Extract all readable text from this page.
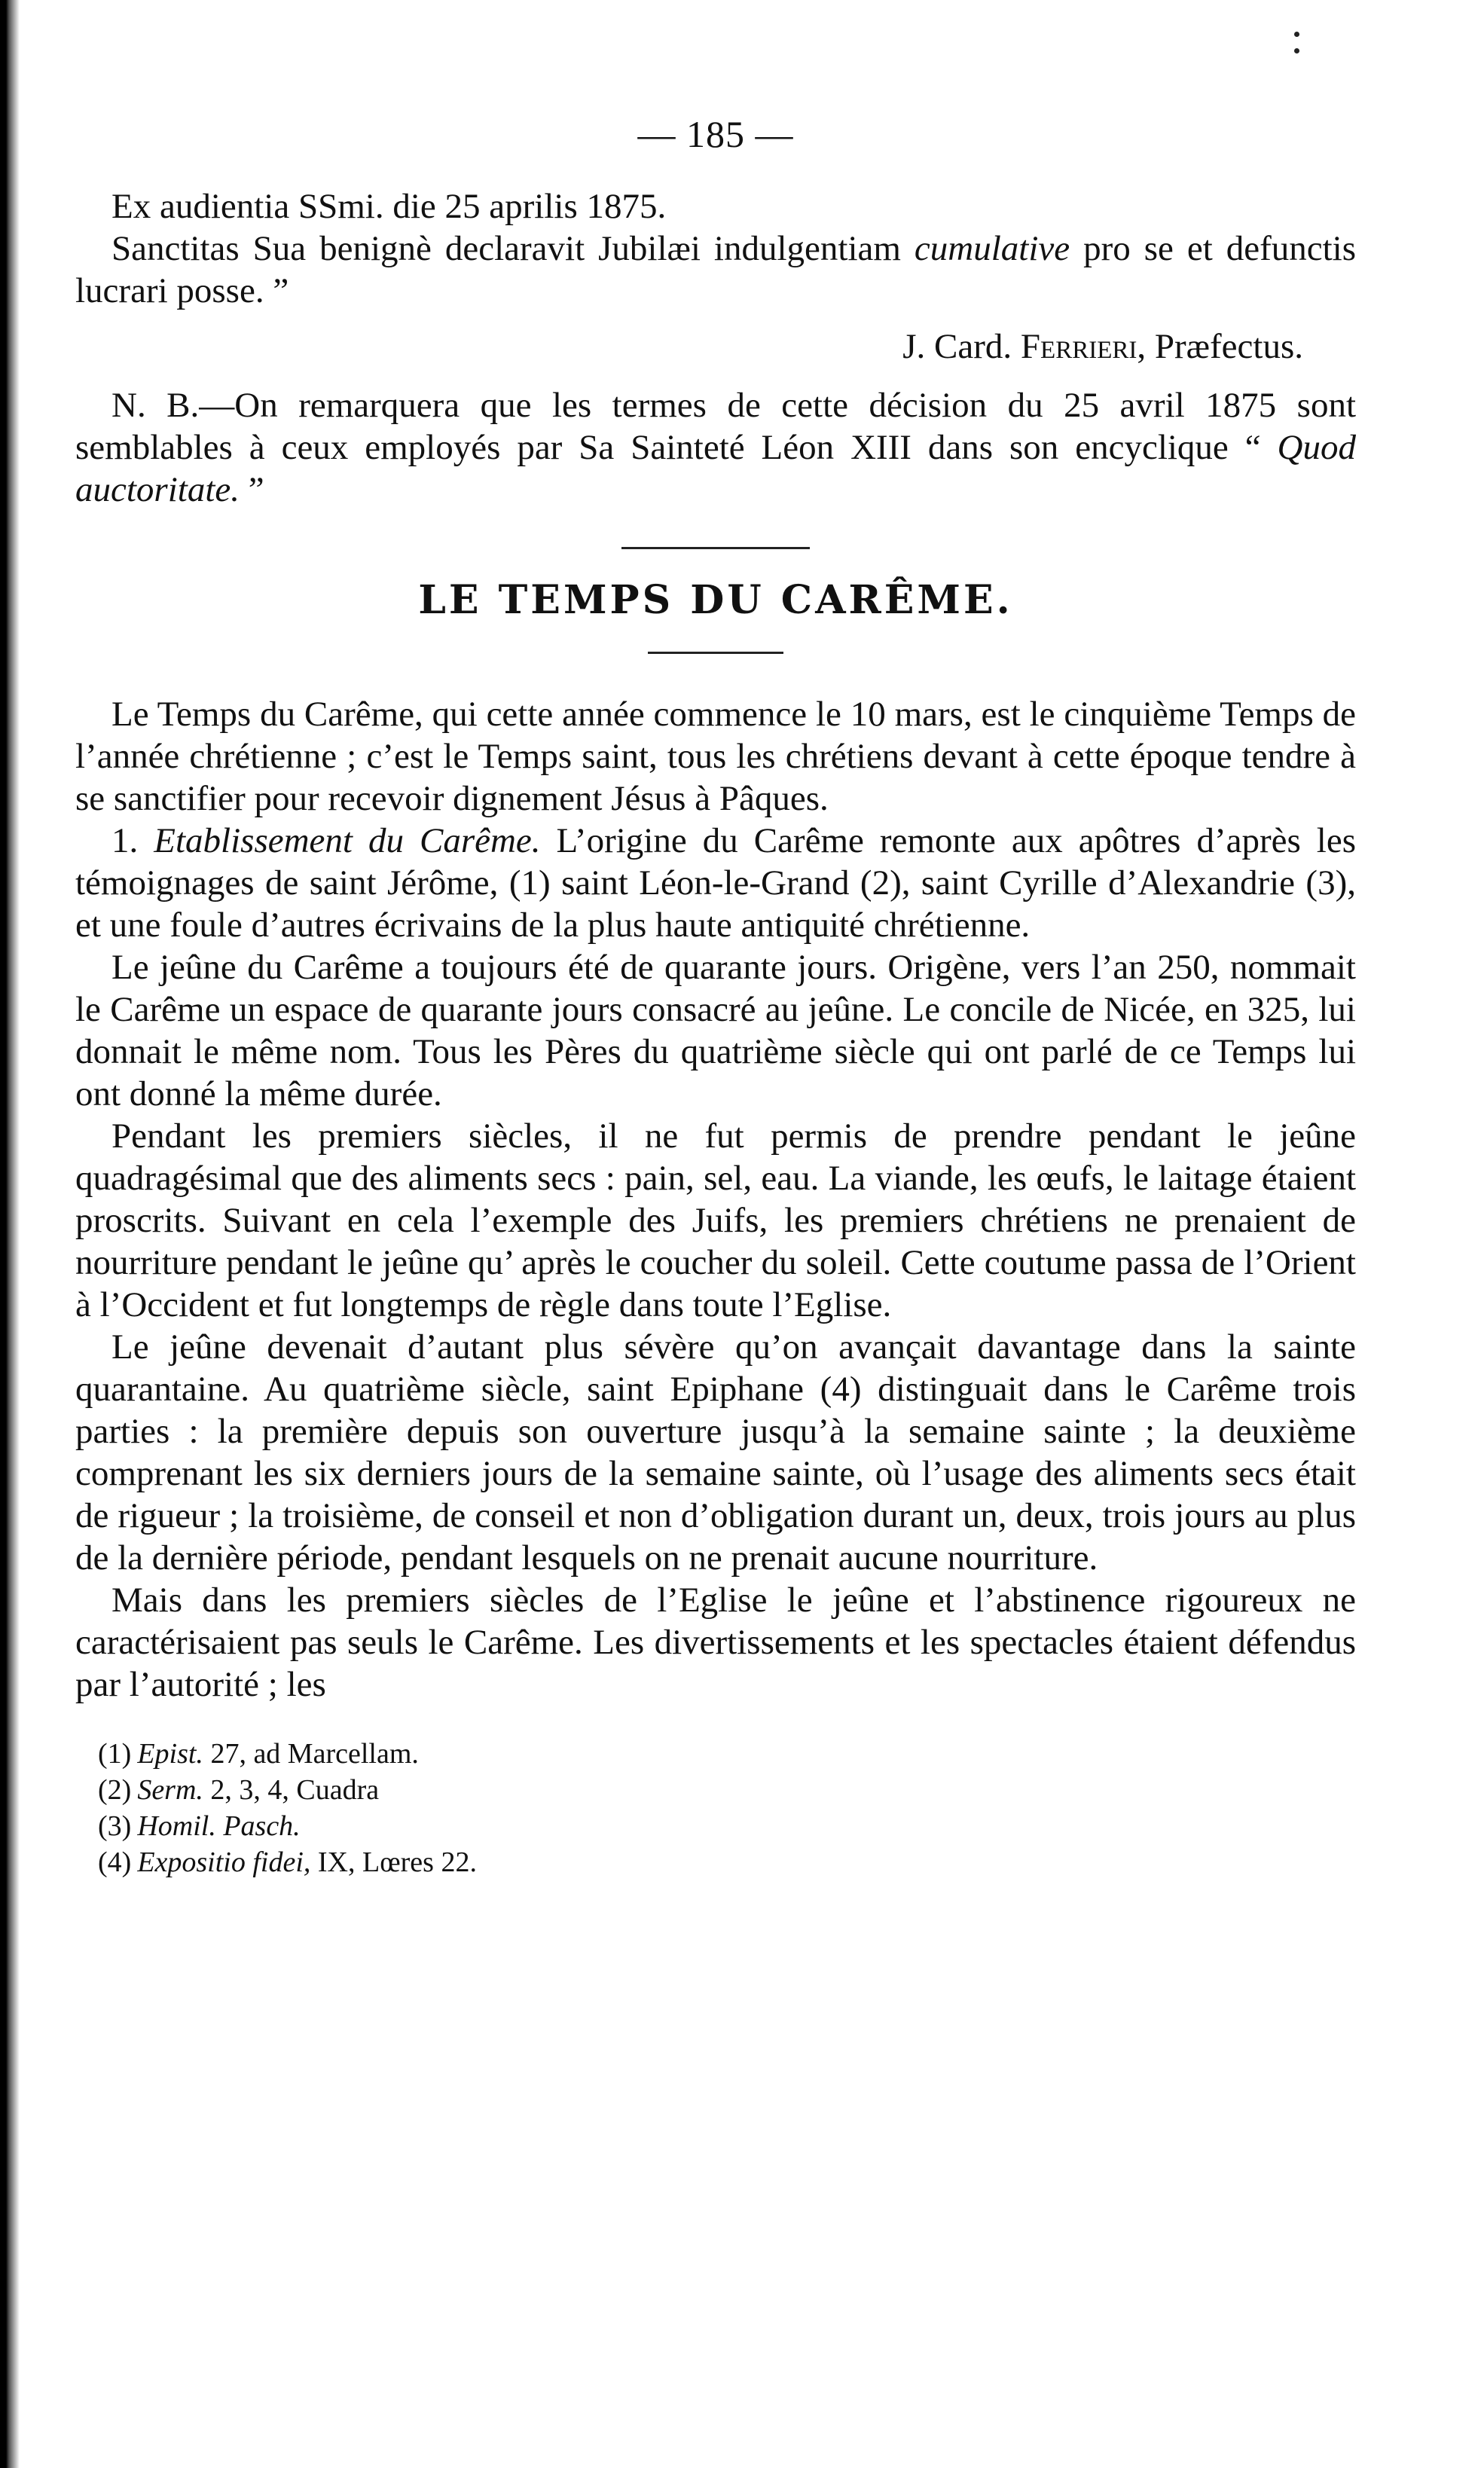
— 185 —

Ex audientia SSmi. die 25 aprilis 1875.

Sanctitas Sua benignè declaravit Jubilæi indulgentiam cumulative pro se et defunctis lucrari posse. ”

J. Card. Ferrieri, Præfectus.

N. B.—On remarquera que les termes de cette décision du 25 avril 1875 sont semblables à ceux employés par Sa Sainteté Léon XIII dans son encyclique “ Quod auctoritate. ”

LE TEMPS DU CARÊME.

Le Temps du Carême, qui cette année commence le 10 mars, est le cinquième Temps de l’année chrétienne ; c’est le Temps saint, tous les chrétiens devant à cette époque tendre à se sanctifier pour recevoir dignement Jésus à Pâques.

1. Etablissement du Carême. L’origine du Carême remonte aux apôtres d’après les témoignages de saint Jérôme, (1) saint Léon-le-Grand (2), saint Cyrille d’Alexandrie (3), et une foule d’autres écrivains de la plus haute antiquité chrétienne.

Le jeûne du Carême a toujours été de quarante jours. Origène, vers l’an 250, nommait le Carême un espace de quarante jours consacré au jeûne. Le concile de Nicée, en 325, lui donnait le même nom. Tous les Pères du quatrième siècle qui ont parlé de ce Temps lui ont donné la même durée.

Pendant les premiers siècles, il ne fut permis de prendre pendant le jeûne quadragésimal que des aliments secs : pain, sel, eau. La viande, les œufs, le laitage étaient proscrits. Suivant en cela l’exemple des Juifs, les premiers chrétiens ne prenaient de nourriture pendant le jeûne qu’ après le coucher du soleil. Cette coutume passa de l’Orient à l’Occident et fut longtemps de règle dans toute l’Eglise.

Le jeûne devenait d’autant plus sévère qu’on avançait davantage dans la sainte quarantaine. Au quatrième siècle, saint Epiphane (4) distinguait dans le Carême trois parties : la première depuis son ouverture jusqu’à la semaine sainte ; la deuxième comprenant les six derniers jours de la semaine sainte, où l’usage des aliments secs était de rigueur ; la troisième, de conseil et non d’obligation durant un, deux, trois jours au plus de la dernière période, pendant lesquels on ne prenait aucune nourriture.

Mais dans les premiers siècles de l’Eglise le jeûne et l’abstinence rigoureux ne caractérisaient pas seuls le Carême. Les divertissements et les spectacles étaient défendus par l’autorité ; les

(1) Epist. 27, ad Marcellam.
(2) Serm. 2, 3, 4, Cuadra
(3) Homil. Pasch.
(4) Expositio fidei, IX, Lœres 22.
